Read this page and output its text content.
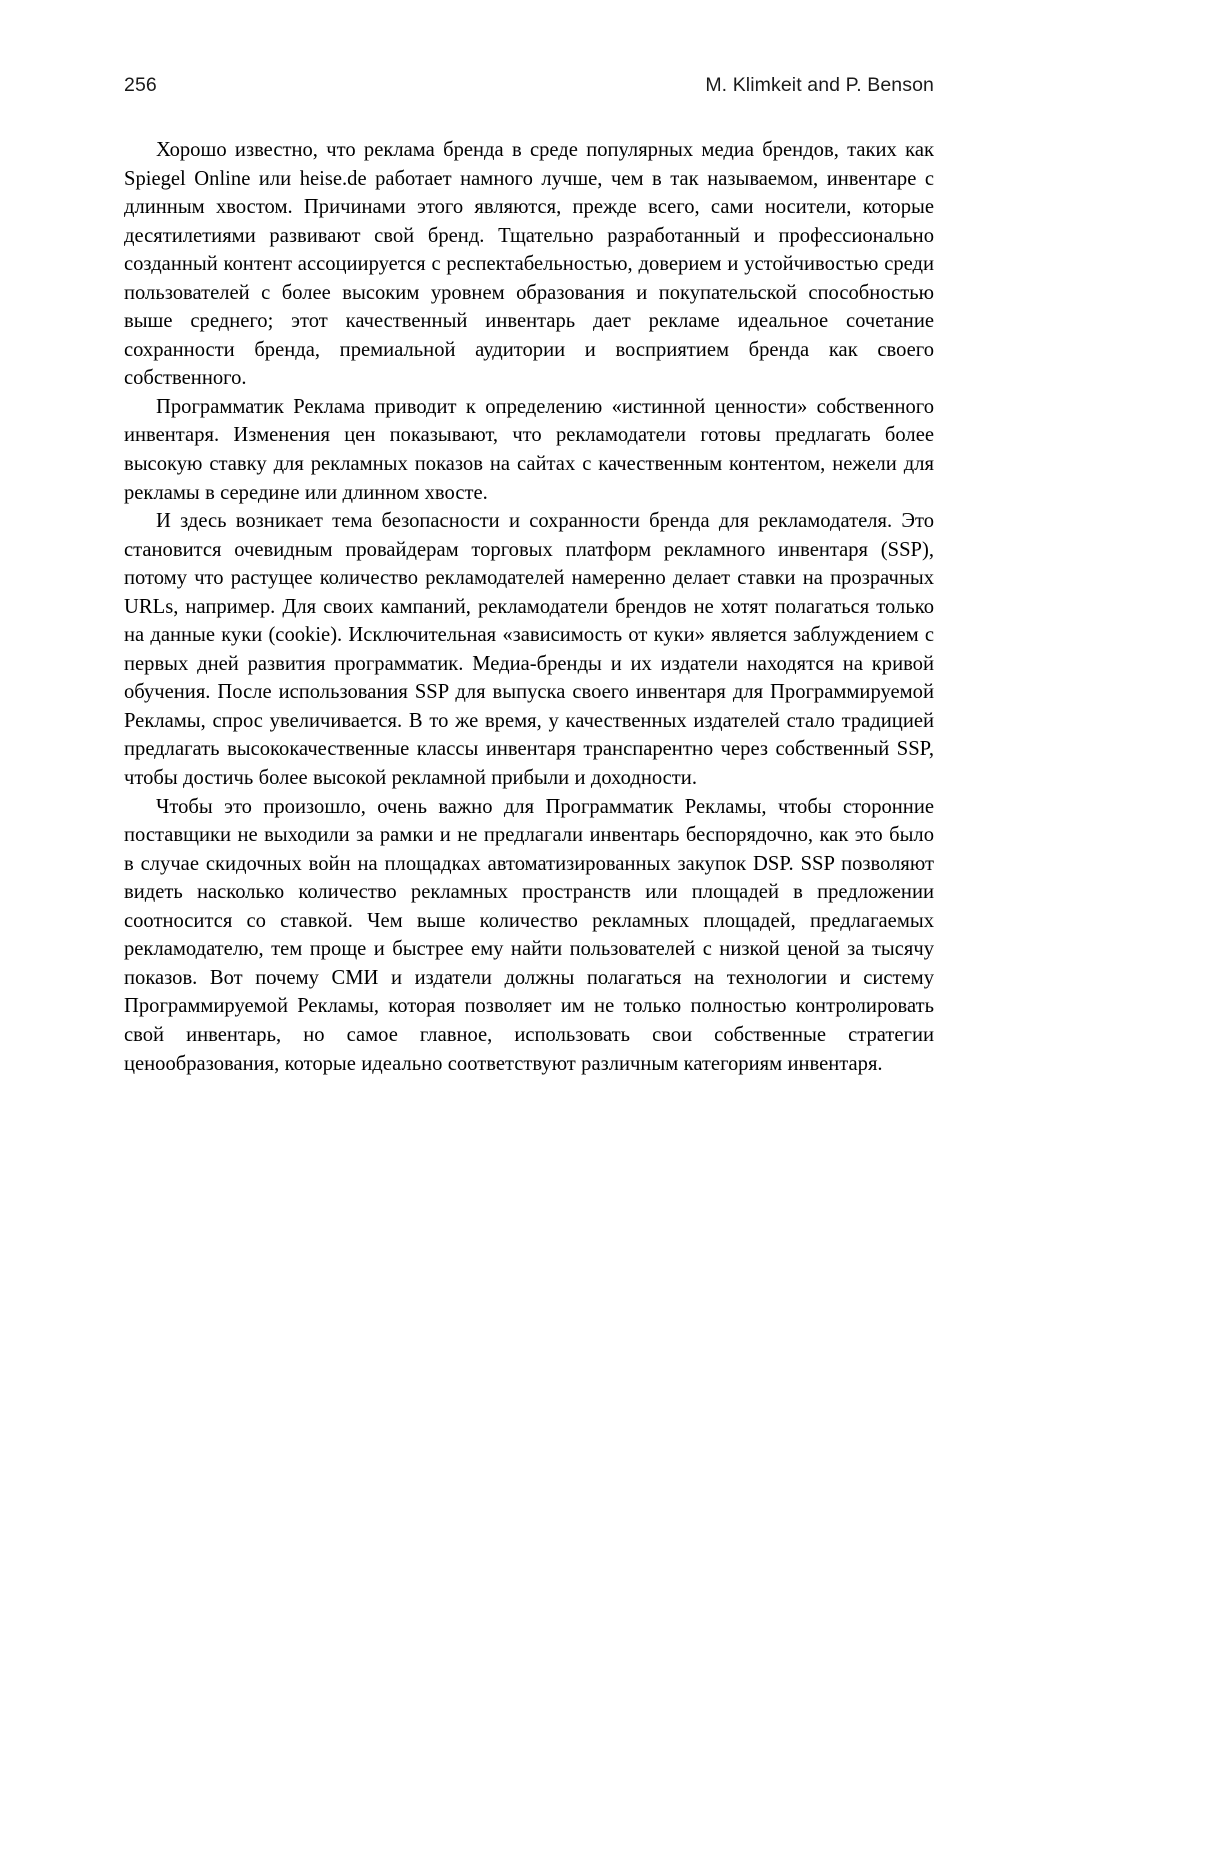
256	M. Klimkeit and P. Benson

Хорошо известно, что реклама бренда в среде популярных медиа брендов, таких как Spiegel Online или heise.de работает намного лучше, чем в так называемом, инвентаре с длинным хвостом. Причинами этого являются, прежде всего, сами носители, которые десятилетиями развивают свой бренд. Тщательно разработанный и профессионально созданный контент ассоциируется с респектабельностью, доверием и устойчивостью среди пользователей с более высоким уровнем образования и покупательской способностью выше среднего; этот качественный инвентарь дает рекламе идеальное сочетание сохранности бренда, премиальной аудитории и восприятием бренда как своего собственного.

Программатик Реклама приводит к определению «истинной ценности» собственного инвентаря. Изменения цен показывают, что рекламодатели готовы предлагать более высокую ставку для рекламных показов на сайтах с качественным контентом, нежели для рекламы в середине или длинном хвосте.

И здесь возникает тема безопасности и сохранности бренда для рекламодателя. Это становится очевидным провайдерам торговых платформ рекламного инвентаря (SSP), потому что растущее количество рекламодателей намеренно делает ставки на прозрачных URLs, например. Для своих кампаний, рекламодатели брендов не хотят полагаться только на данные куки (cookie). Исключительная «зависимость от куки» является заблуждением с первых дней развития программатик. Медиа-бренды и их издатели находятся на кривой обучения. После использования SSP для выпуска своего инвентаря для Программируемой Рекламы, спрос увеличивается. В то же время, у качественных издателей стало традицией предлагать высококачественные классы инвентаря транспарентно через собственный SSP, чтобы достичь более высокой рекламной прибыли и доходности.

Чтобы это произошло, очень важно для Программатик Рекламы, чтобы сторонние поставщики не выходили за рамки и не предлагали инвентарь беспорядочно, как это было в случае скидочных войн на площадках автоматизированных закупок DSP. SSP позволяют видеть насколько количество рекламных пространств или площадей в предложении соотносится со ставкой. Чем выше количество рекламных площадей, предлагаемых рекламодателю, тем проще и быстрее ему найти пользователей с низкой ценой за тысячу показов. Вот почему СМИ и издатели должны полагаться на технологии и систему Программируемой Рекламы, которая позволяет им не только полностью контролировать свой инвентарь, но самое главное, использовать свои собственные стратегии ценообразования, которые идеально соответствуют различным категориям инвентаря.
